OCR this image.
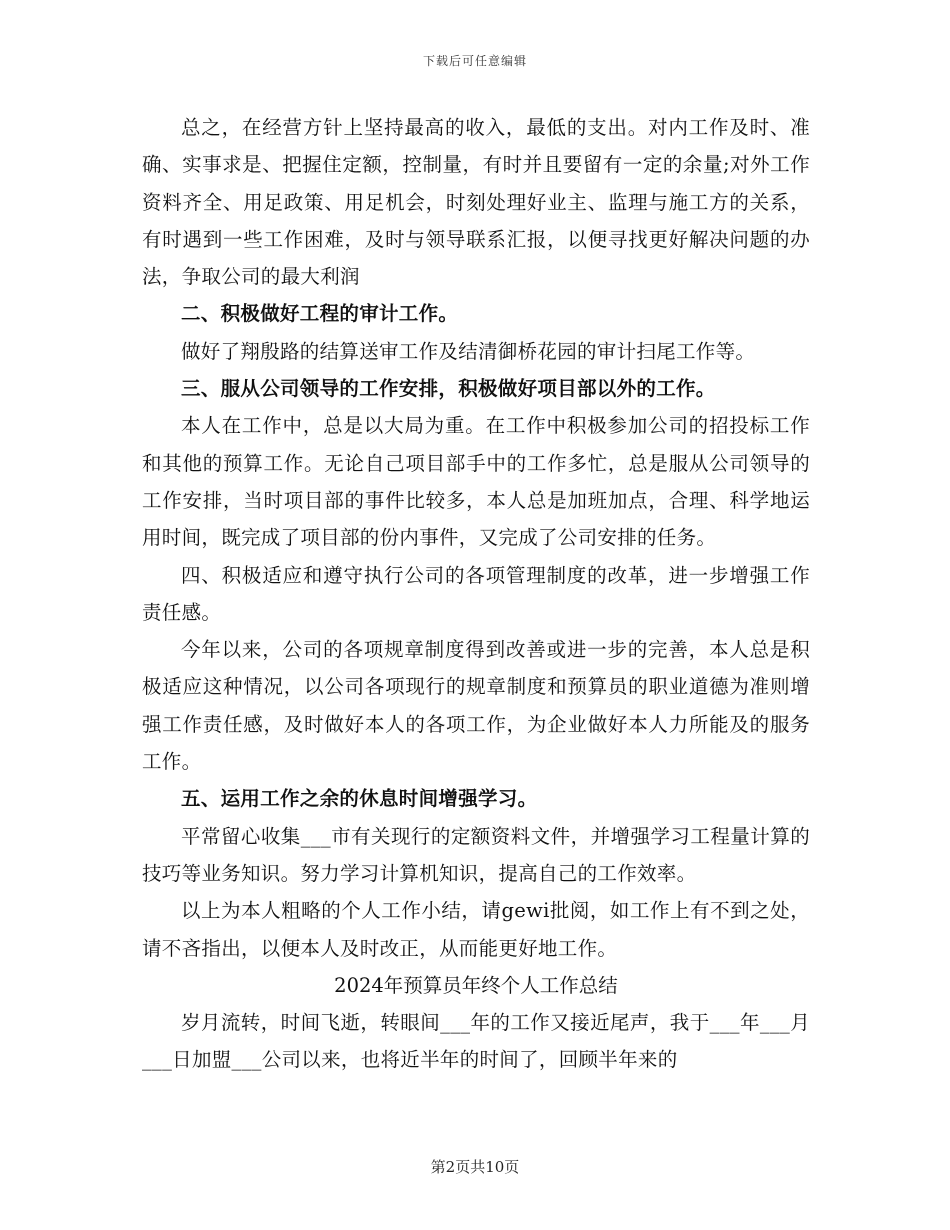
下载后可任意编辑

总之，在经营方针上坚持最高的收入，最低的支出。对内工作及时、准确、实事求是、把握住定额，控制量，有时并且要留有一定的余量;对外工作资料齐全、用足政策、用足机会，时刻处理好业主、监理与施工方的关系，有时遇到一些工作困难，及时与领导联系汇报，以便寻找更好解决问题的办法，争取公司的最大利润

二、积极做好工程的审计工作。

做好了翔殷路的结算送审工作及结清御桥花园的审计扫尾工作等。

三、服从公司领导的工作安排，积极做好项目部以外的工作。

本人在工作中，总是以大局为重。在工作中积极参加公司的招投标工作和其他的预算工作。无论自己项目部手中的工作多忙，总是服从公司领导的工作安排，当时项目部的事件比较多，本人总是加班加点，合理、科学地运用时间，既完成了项目部的份内事件，又完成了公司安排的任务。

四、积极适应和遵守执行公司的各项管理制度的改革，进一步增强工作责任感。

今年以来，公司的各项规章制度得到改善或进一步的完善，本人总是积极适应这种情况，以公司各项现行的规章制度和预算员的职业道德为准则增强工作责任感，及时做好本人的各项工作，为企业做好本人力所能及的服务工作。

五、运用工作之余的休息时间增强学习。

平常留心收集___市有关现行的定额资料文件，并增强学习工程量计算的技巧等业务知识。努力学习计算机知识，提高自己的工作效率。

以上为本人粗略的个人工作小结，请gewi批阅，如工作上有不到之处，请不吝指出，以便本人及时改正，从而能更好地工作。

2024年预算员年终个人工作总结

岁月流转，时间飞逝，转眼间___年的工作又接近尾声，我于___年___月___日加盟___公司以来，也将近半年的时间了，回顾半年来的

第2页共10页
